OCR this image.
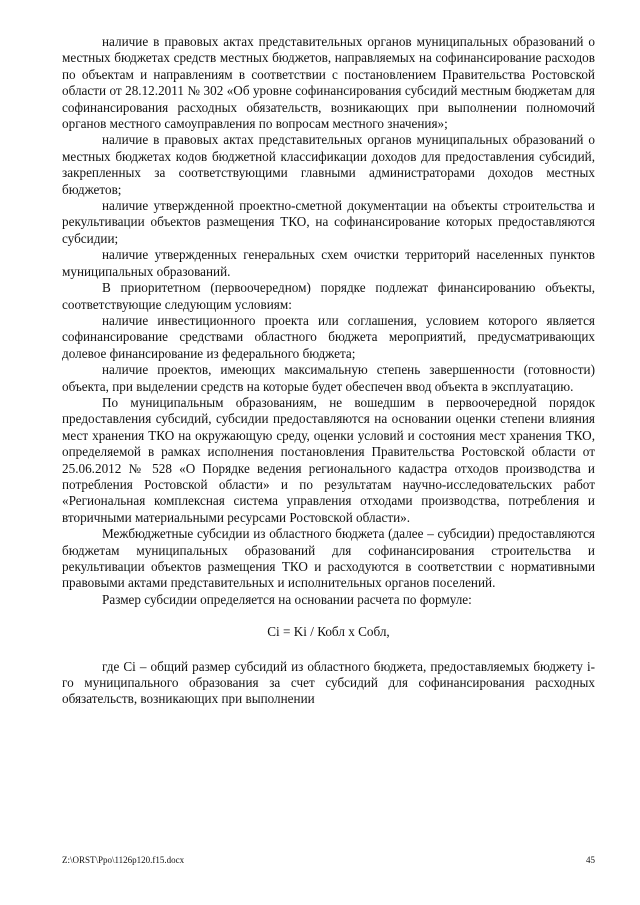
наличие в правовых актах представительных органов муниципальных образований о местных бюджетах средств местных бюджетов, направляемых на софинансирование расходов по объектам и направлениям в соответствии с постановлением Правительства Ростовской области от 28.12.2011 № 302 «Об уровне софинансирования субсидий местным бюджетам для софинансирования расходных обязательств, возникающих при выполнении полномочий органов местного самоуправления по вопросам местного значения»;

наличие в правовых актах представительных органов муниципальных образований о местных бюджетах кодов бюджетной классификации доходов для предоставления субсидий, закрепленных за соответствующими главными администраторами доходов местных бюджетов;

наличие утвержденной проектно-сметной документации на объекты строительства и рекультивации объектов размещения ТКО, на софинансирование которых предоставляются субсидии;

наличие утвержденных генеральных схем очистки территорий населенных пунктов муниципальных образований.

В приоритетном (первоочередном) порядке подлежат финансированию объекты, соответствующие следующим условиям:

наличие инвестиционного проекта или соглашения, условием которого является софинансирование средствами областного бюджета мероприятий, предусматривающих долевое финансирование из федерального бюджета;

наличие проектов, имеющих максимальную степень завершенности (готовности) объекта, при выделении средств на которые будет обеспечен ввод объекта в эксплуатацию.

По муниципальным образованиям, не вошедшим в первоочередной порядок предоставления субсидий, субсидии предоставляются на основании оценки степени влияния мест хранения ТКО на окружающую среду, оценки условий и состояния мест хранения ТКО, определяемой в рамках исполнения постановления Правительства Ростовской области от 25.06.2012 № 528 «О Порядке ведения регионального кадастра отходов производства и потребления Ростовской области» и по результатам научно-исследовательских работ «Региональная комплексная система управления отходами производства, потребления и вторичными материальными ресурсами Ростовской области».

Межбюджетные субсидии из областного бюджета (далее – субсидии) предоставляются бюджетам муниципальных образований для софинансирования строительства и рекультивации объектов размещения ТКО и расходуются в соответствии с нормативными правовыми актами представительных и исполнительных органов поселений.

Размер субсидии определяется на основании расчета по формуле:

Ci = Ki / Кобл x Собл,

где Ci – общий размер субсидий из областного бюджета, предоставляемых бюджету i-го муниципального образования за счет субсидий для софинансирования расходных обязательств, возникающих при выполнении

Z:\ORST\Ppo\1126p120.f15.docx	45
